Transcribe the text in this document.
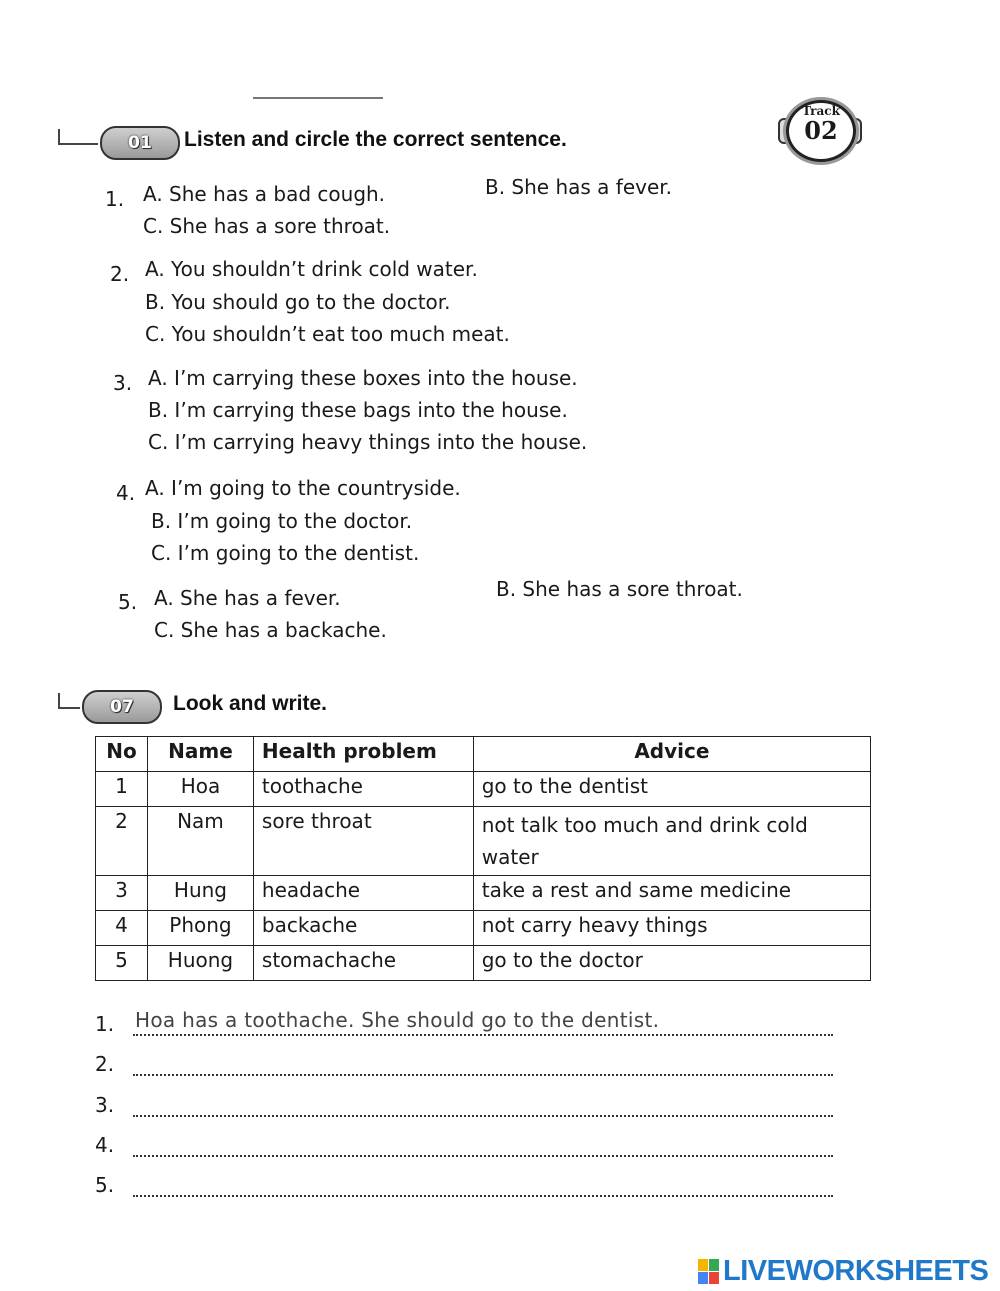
01	Listen and circle the correct sentence.
Track
02
1. A. She has a bad cough.	B. She has a fever.
C. She has a sore throat.
2. A. You shouldn’t drink cold water.
B. You should go to the doctor.
C. You shouldn’t eat too much meat.
3. A. I’m carrying these boxes into the house.
B. I’m carrying these bags into the house.
C. I’m carrying heavy things into the house.
4. A. I’m going to the countryside.
B. I’m going to the doctor.
C. I’m going to the dentist.
5. A. She has a fever.	B. She has a sore throat.
C. She has a backache.
07	Look and write.
No	Name	Health problem	Advice
1	Hoa	toothache	go to the dentist
2	Nam	sore throat	not talk too much and drink cold water
3	Hung	headache	take a rest and same medicine
4	Phong	backache	not carry heavy things
5	Huong	stomachache	go to the doctor
1. Hoa has a toothache. She should go to the dentist.
2.
3.
4.
5.
LIVEWORKSHEETS
